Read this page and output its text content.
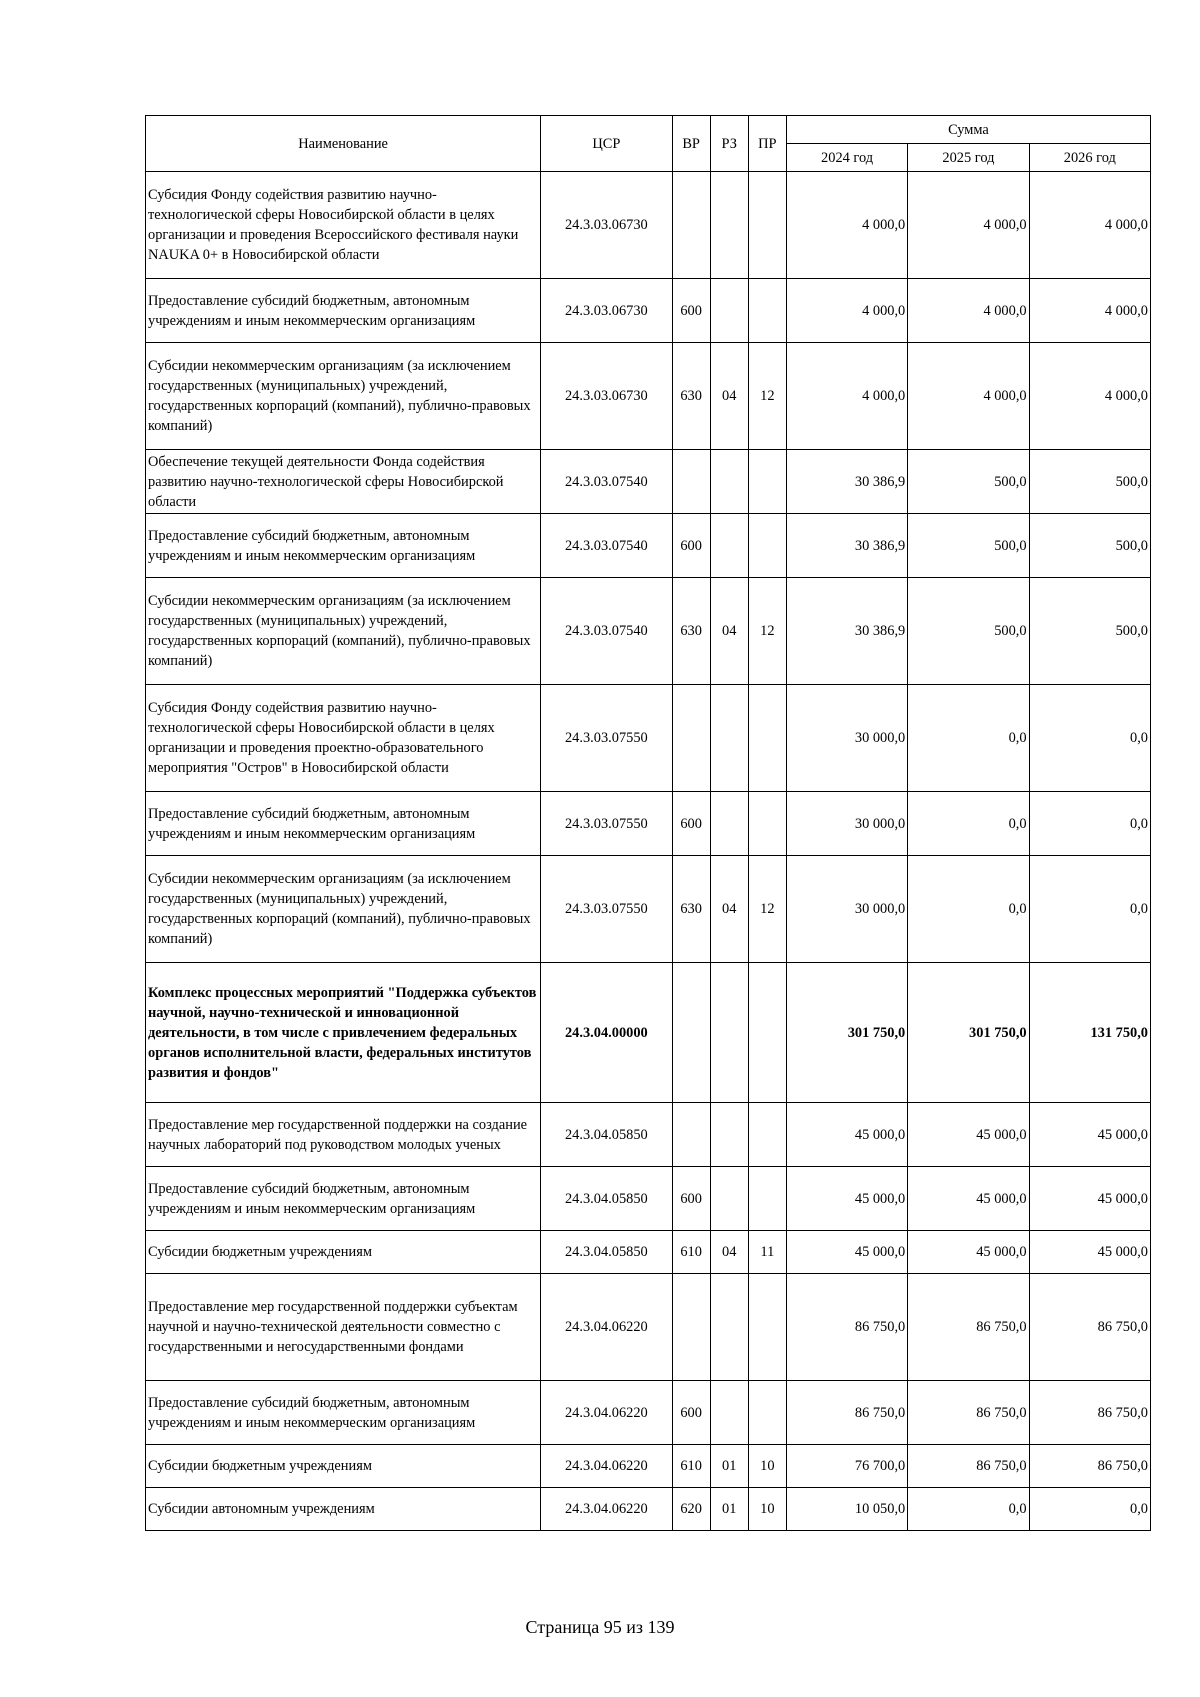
Наименование	ЦСР	ВР	РЗ	ПР	Сумма		
					2024 год	2025 год	2026 год
Субсидия Фонду содействия развитию научно-технологической сферы Новосибирской области в целях организации и проведения Всероссийского фестиваля науки NAUKA 0+ в Новосибирской области	24.3.03.06730				4 000,0	4 000,0	4 000,0
Предоставление субсидий бюджетным, автономным учреждениям и иным некоммерческим организациям	24.3.03.06730	600			4 000,0	4 000,0	4 000,0
Субсидии некоммерческим организациям (за исключением государственных (муниципальных) учреждений, государственных корпораций (компаний), публично-правовых компаний)	24.3.03.06730	630	04	12	4 000,0	4 000,0	4 000,0
Обеспечение текущей деятельности Фонда содействия развитию научно-технологической сферы Новосибирской области	24.3.03.07540				30 386,9	500,0	500,0
Предоставление субсидий бюджетным, автономным учреждениям и иным некоммерческим организациям	24.3.03.07540	600			30 386,9	500,0	500,0
Субсидии некоммерческим организациям (за исключением государственных (муниципальных) учреждений, государственных корпораций (компаний), публично-правовых компаний)	24.3.03.07540	630	04	12	30 386,9	500,0	500,0
Субсидия Фонду содействия развитию научно-технологической сферы Новосибирской области в целях организации и проведения проектно-образовательного мероприятия "Остров" в Новосибирской области	24.3.03.07550				30 000,0	0,0	0,0
Предоставление субсидий бюджетным, автономным учреждениям и иным некоммерческим организациям	24.3.03.07550	600			30 000,0	0,0	0,0
Субсидии некоммерческим организациям (за исключением государственных (муниципальных) учреждений, государственных корпораций (компаний), публично-правовых компаний)	24.3.03.07550	630	04	12	30 000,0	0,0	0,0
Комплекс процессных мероприятий "Поддержка субъектов научной, научно-технической и инновационной деятельности, в том числе с привлечением федеральных органов исполнительной власти, федеральных институтов развития и фондов"	24.3.04.00000				301 750,0	301 750,0	131 750,0
Предоставление мер государственной поддержки на создание научных лабораторий под руководством молодых ученых	24.3.04.05850				45 000,0	45 000,0	45 000,0
Предоставление субсидий бюджетным, автономным учреждениям и иным некоммерческим организациям	24.3.04.05850	600			45 000,0	45 000,0	45 000,0
Субсидии бюджетным учреждениям	24.3.04.05850	610	04	11	45 000,0	45 000,0	45 000,0
Предоставление мер государственной поддержки субъектам научной и научно-технической деятельности совместно с государственными и негосударственными фондами	24.3.04.06220				86 750,0	86 750,0	86 750,0
Предоставление субсидий бюджетным, автономным учреждениям и иным некоммерческим организациям	24.3.04.06220	600			86 750,0	86 750,0	86 750,0
Субсидии бюджетным учреждениям	24.3.04.06220	610	01	10	76 700,0	86 750,0	86 750,0
Субсидии автономным учреждениям	24.3.04.06220	620	01	10	10 050,0	0,0	0,0
Страница 95 из 139
